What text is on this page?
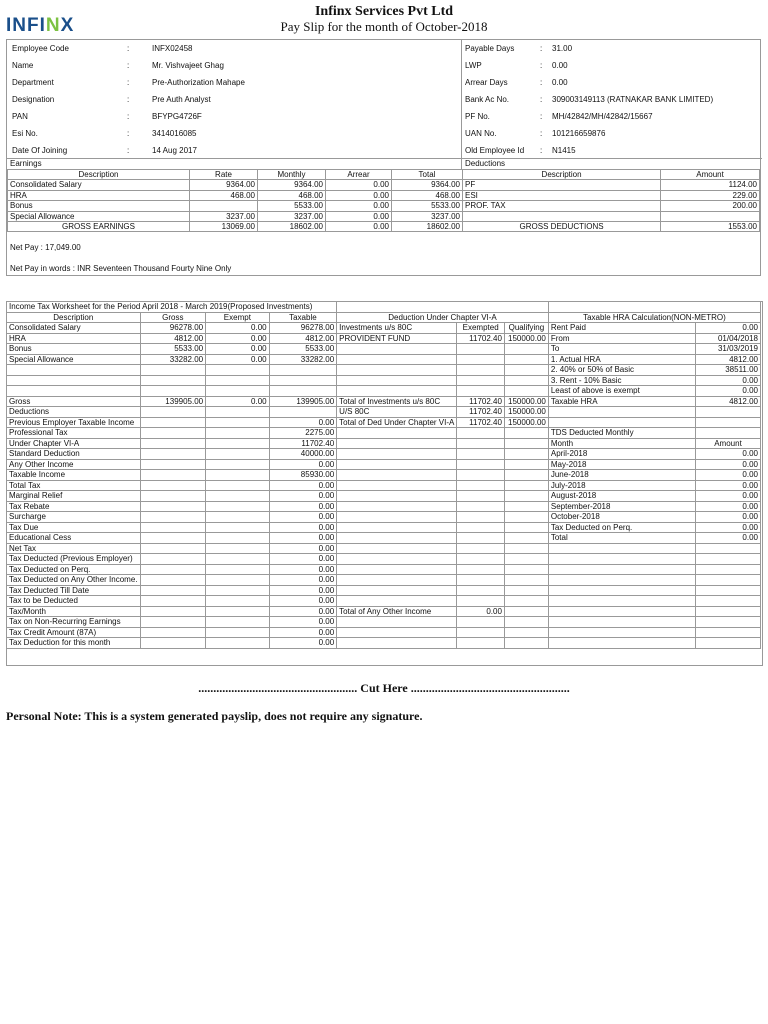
INFINX
Infinx Services Pvt Ltd
Pay Slip for the month of October-2018
Employee Code	:	INFX02458
Name	:	Mr. Vishvajeet Ghag
Department	:	Pre-Authorization Mahape
Designation	:	Pre Auth Analyst
PAN	:	BFYPG4726F
Esi No.	:	3414016085
Date Of Joining	:	14 Aug 2017
Payable Days	:	31.00
LWP	:	0.00
Arrear Days	:	0.00
Bank Ac No.	:	309003149113 (RATNAKAR BANK LIMITED)
PF No.	:	MH/42842/MH/42842/15667
UAN No.	:	101216659876
Old Employee Id	:	N1415
Earnings	Deductions
Description	Rate	Monthly	Arrear	Total
Consolidated Salary	9364.00	9364.00	0.00	9364.00
HRA	468.00	468.00	0.00	468.00
Bonus		5533.00	0.00	5533.00
Special Allowance	3237.00	3237.00	0.00	3237.00
GROSS EARNINGS	13069.00	18602.00	0.00	18602.00
Description	Amount
PF	1124.00
ESI	229.00
PROF. TAX	200.00

GROSS DEDUCTIONS	1553.00
Net Pay : 17,049.00
Net Pay in words : INR Seventeen Thousand Fourty Nine Only
Income Tax Worksheet for the Period April 2018 - March 2019(Proposed Investments)								
Description	Gross	Exempt	Taxable	Deduction Under Chapter VI-A			Taxable HRA Calculation(NON-METRO)	
Consolidated Salary	96278.00	0.00	96278.00	Investments u/s 80C	Exempted	Qualifying	Rent Paid	0.00
HRA	4812.00	0.00	4812.00	PROVIDENT FUND	11702.40	150000.00	From	01/04/2018
Bonus	5533.00	0.00	5533.00				To	31/03/2019
Special Allowance	33282.00	0.00	33282.00				1. Actual HRA	4812.00
							2. 40% or 50% of Basic	38511.00
							3. Rent - 10% Basic	0.00
							Least of above is exempt	0.00
Gross	139905.00	0.00	139905.00	Total of Investments u/s 80C	11702.40	150000.00	Taxable HRA	4812.00
Deductions				U/S 80C	11702.40	150000.00		
Previous Employer Taxable Income			0.00	Total of Ded Under Chapter VI-A	11702.40	150000.00		
Professional Tax			2275.00				TDS Deducted Monthly	
Under Chapter VI-A			11702.40				Month	Amount
Standard Deduction			40000.00				April-2018	0.00
Any Other Income			0.00				May-2018	0.00
Taxable Income			85930.00				June-2018	0.00
Total Tax			0.00				July-2018	0.00
Marginal Relief			0.00				August-2018	0.00
Tax Rebate			0.00				September-2018	0.00
Surcharge			0.00				October-2018	0.00
Tax Due			0.00				Tax Deducted on Perq.	0.00
Educational Cess			0.00				Total	0.00
Net Tax			0.00					
Tax Deducted (Previous Employer)			0.00					
Tax Deducted on Perq.			0.00					
Tax Deducted on Any Other Income.			0.00					
Tax Deducted Till Date			0.00					
Tax to be Deducted			0.00					
Tax/Month			0.00	Total of Any Other Income	0.00			
Tax on Non-Recurring Earnings			0.00					
Tax Credit Amount (87A)			0.00					
Tax Deduction for this month			0.00					
..................................................... Cut Here .....................................................
Personal Note: This is a system generated payslip, does not require any signature.
